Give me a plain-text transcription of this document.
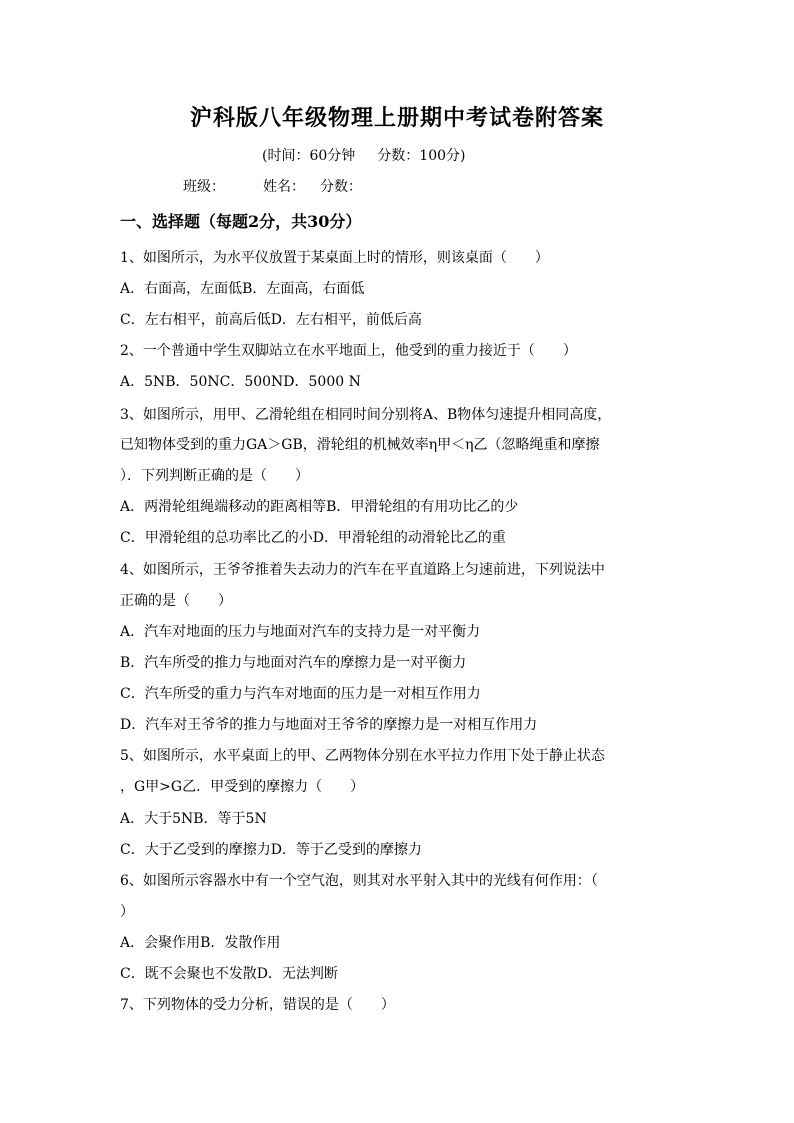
沪科版八年级物理上册期中考试卷附答案
(时间：60分钟 分数：100分)
班级：	姓名： 分数：
一、选择题（每题2分，共30分）
1、如图所示，为水平仪放置于某桌面上时的情形，则该桌面（　　）
A．右面高，左面低B．左面高，右面低
C．左右相平，前高后低D．左右相平，前低后高
2、一个普通中学生双脚站立在水平地面上，他受到的重力接近于（　　）
A．5NB．50NC．500ND．5000 N
3、如图所示，用甲、乙滑轮组在相同时间分别将A、B物体匀速提升相同高度，
已知物体受到的重力GA＞GB，滑轮组的机械效率η甲＜η乙（忽略绳重和摩擦
）．下列判断正确的是（　　）
A．两滑轮组绳端移动的距离相等B．甲滑轮组的有用功比乙的少
C．甲滑轮组的总功率比乙的小D．甲滑轮组的动滑轮比乙的重
4、如图所示，王爷爷推着失去动力的汽车在平直道路上匀速前进，下列说法中
正确的是（　　）
A．汽车对地面的压力与地面对汽车的支持力是一对平衡力
B．汽车所受的推力与地面对汽车的摩擦力是一对平衡力
C．汽车所受的重力与汽车对地面的压力是一对相互作用力
D．汽车对王爷爷的推力与地面对王爷爷的摩擦力是一对相互作用力
5、如图所示，水平桌面上的甲、乙两物体分别在水平拉力作用下处于静止状态
，G甲>G乙．甲受到的摩擦力（　　）
A．大于5NB．等于5N
C．大于乙受到的摩擦力D．等于乙受到的摩擦力
6、如图所示容器水中有一个空气泡，则其对水平射入其中的光线有何作用：（
）
A．会聚作用B．发散作用
C．既不会聚也不发散D．无法判断
7、下列物体的受力分析，错误的是（　　）
